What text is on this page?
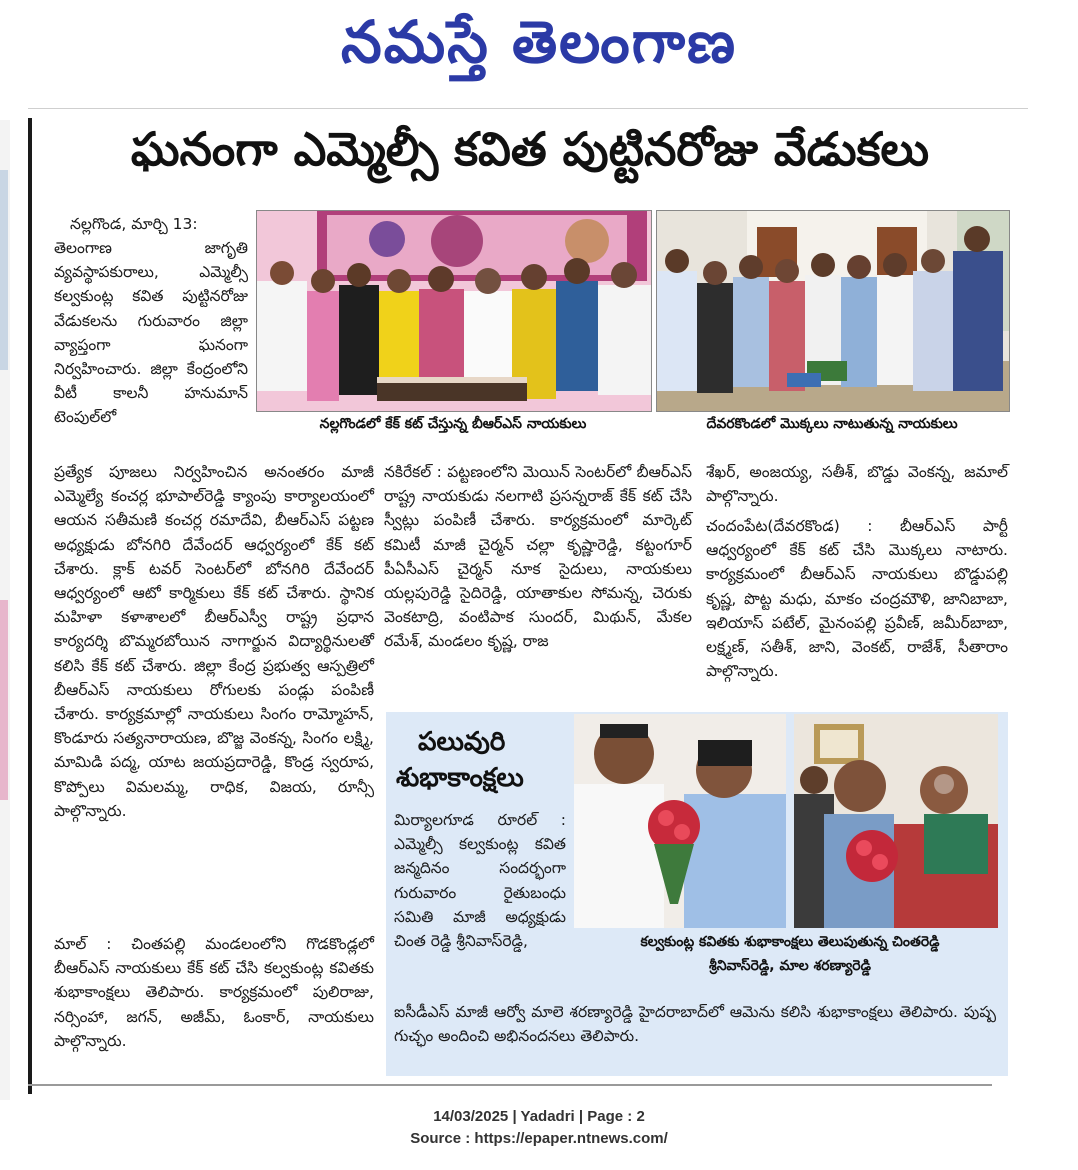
నమస్తే తెలంగాణ
ఘనంగా ఎమ్మెల్సీ కవిత పుట్టినరోజు వేడుకలు
నల్లగొండలో కేక్‌ కట్‌ చేస్తున్న బీఆర్‌ఎస్‌ నాయకులు	దేవరకొండలో మొక్కలు నాటుతున్న నాయకులు
నల్లగొండ, మార్చి 13:
తెలంగాణ జాగృతి వ్యవస్థాపకురాలు, ఎమ్మెల్సీ కల్వకుంట్ల కవిత పుట్టినరోజు వేడుకలను గురువారం జిల్లా వ్యాప్తంగా ఘనంగా నిర్వహించారు. జిల్లా కేంద్రంలోని వీటీ కాలనీ హనుమాన్‌ టెంపుల్‌లో
ప్రత్యేక పూజలు నిర్వహించిన అనంతరం మాజీ ఎమ్మెల్యే కంచర్ల భూపాల్‌రెడ్డి క్యాంపు కార్యాలయంలో ఆయన సతీమణి కంచర్ల రమాదేవి, బీఆర్‌ఎస్‌ పట్టణ అధ్యక్షుడు బోనగిరి దేవేందర్‌ ఆధ్వర్యంలో కేక్‌ కట్‌ చేశారు. క్లాక్‌ టవర్‌ సెంటర్‌లో బోనగిరి దేవేందర్‌ ఆధ్వర్యంలో ఆటో కార్మికులు కేక్‌ కట్‌ చేశారు. స్థానిక మహిళా కళాశాలలో బీఆర్‌ఎస్వీ రాష్ట్ర ప్రధాన కార్యదర్శి బొమ్మరబోయిన నాగార్జున విద్యార్థినులతో కలిసి కేక్‌ కట్‌ చేశారు. జిల్లా కేంద్ర ప్రభుత్వ ఆస్పత్రిలో బీఆర్‌ఎస్‌ నాయకులు రోగులకు పండ్లు పంపిణీ చేశారు. కార్యక్రమాల్లో నాయకులు సింగం రామ్మోహన్‌, కొండూరు సత్యనారాయణ, బొజ్జ వెంకన్న, సింగం లక్ష్మి, మామిడి పద్మ, యాట జయప్రదారెడ్డి, కొండ్ర స్వరూప, కొప్పోలు విమలమ్మ, రాధిక, విజయ, రూన్సీ పాల్గొన్నారు.
మాల్‌ : చింతపల్లి మండలంలోని గొడకొండ్లలో బీఆర్‌ఎస్‌ నాయకులు కేక్‌ కట్‌ చేసి కల్వకుంట్ల కవితకు శుభాకాంక్షలు తెలిపారు. కార్యక్రమంలో పులిరాజు, నర్సింహా, జగన్‌, అజీమ్‌, ఓంకార్‌, నాయకులు పాల్గొన్నారు.
నకిరేకల్‌ : పట్టణంలోని మెయిన్‌ సెంటర్‌లో బీఆర్‌ఎస్‌ రాష్ట్ర నాయకుడు నలగాటి ప్రసన్నరాజ్‌ కేక్‌ కట్‌ చేసి స్వీట్లు పంపిణీ చేశారు. కార్యక్రమంలో మార్కెట్‌ కమిటీ మాజీ చైర్మన్‌ చల్లా కృష్ణారెడ్డి, కట్టంగూర్‌ పీఏసీఎస్‌ చైర్మన్‌ నూక సైదులు, నాయకులు యల్లపురెడ్డి సైదిరెడ్డి, యాతాకుల సోమన్న, చెరుకు వెంకటాద్రి, వంటిపాక సుందర్‌, మిథున్‌, మేకల రమేశ్‌, మండలం కృష్ణ, రాజ
శేఖర్‌, అంజయ్య, సతీశ్‌, బొడ్డు వెంకన్న, జమాల్‌ పాల్గొన్నారు.
చందంపేట(దేవరకొండ) : బీఆర్‌ఎస్‌ పార్టీ ఆధ్వర్యంలో కేక్‌ కట్‌ చేసి మొక్కలు నాటారు. కార్యక్రమంలో బీఆర్‌ఎస్‌ నాయకులు బొడ్డుపల్లి కృష్ణ, పొట్ట మధు, మాకం చంద్రమౌళి, జానిబాబా, ఇలియాస్‌ పటేల్‌, మైనంపల్లి ప్రవీణ్‌, జమీర్‌బాబా, లక్ష్మణ్‌, సతీశ్‌, జాని, వెంకట్‌, రాజేశ్‌, సీతారాం పాల్గొన్నారు.
పలువురి
శుభాకాంక్షలు
మిర్యాలగూడ రూరల్‌ : ఎమ్మెల్సీ కల్వకుంట్ల కవిత జన్మదినం సందర్భంగా గురువారం రైతుబంధు సమితి మాజీ అధ్యక్షుడు చింత రెడ్డి శ్రీనివాస్‌రెడ్డి,
ఐసీడీఎస్‌ మాజీ ఆర్వో మాలె శరణ్యారెడ్డి హైదరాబాద్‌లో ఆమెను కలిసి శుభాకాంక్షలు తెలిపారు. పుష్ప గుచ్ఛం అందించి అభినందనలు తెలిపారు.
కల్వకుంట్ల కవితకు శుభాకాంక్షలు తెలుపుతున్న చింతరెడ్డి
శ్రీనివాస్‌రెడ్డి, మాల శరణ్యారెడ్డి
14/03/2025 | Yadadri | Page : 2
Source : https://epaper.ntnews.com/
